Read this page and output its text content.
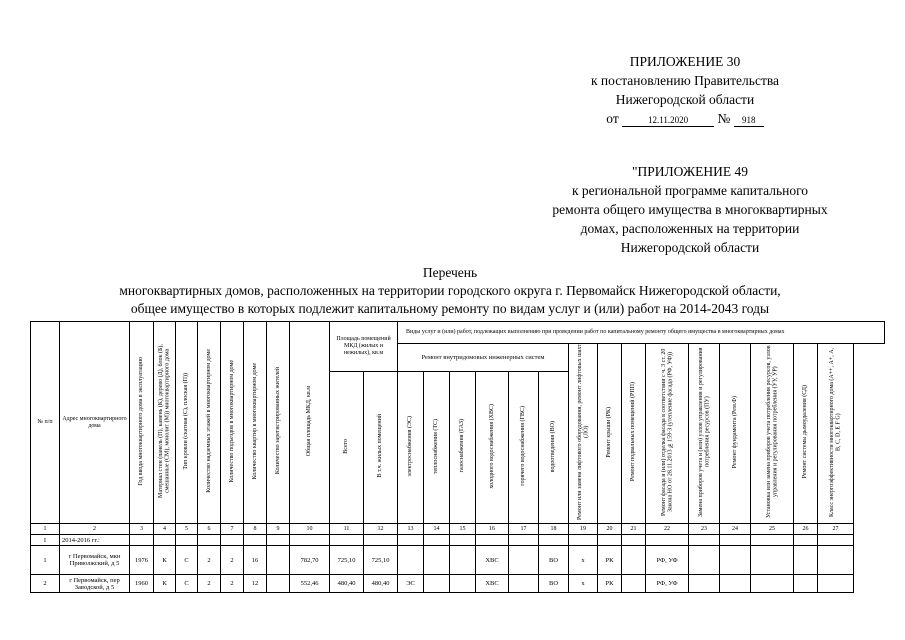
ПРИЛОЖЕНИЕ 30
к постановлению Правительства
Нижегородской области
от	12.11.2020 № 918
"ПРИЛОЖЕНИЕ 49
к региональной программе капитального
ремонта общего имущества в многоквартирных
домах, расположенных на территории
Нижегородской области
Перечень
многоквартирных домов, расположенных на территории городского округа г. Первомайск Нижегородской области,
общее имущество в которых подлежит капитальному ремонту по видам услуг и (или) работ на 2014-2043 годы
№ п/п	Адрес многоквартирного дома	Год ввода многоквартирного дома в эксплуатацию	Материал стен (панель (П), камень (К), дерево (Д), блок (Б), смешанные (СМ), монолит (М)) многоквартирного дома	Тип кровли (скатная (С), плоская (П))	Количество надземных этажей в многоквартирном доме	Количество подъездов в многоквартирном доме	Количество квартир в многоквартирном доме	Количество зарегистрированных жителей	Общая площадь МКД, кв.м	Площадь помещений МКД (жилых и нежилых), кв.м		Виды услуг и (или) работ, подлежащих выполнению при проведении работ по капитальному ремонту общего имущества в многоквартирных домах														
												Ремонт внутридомовых инженерных систем						Ремонт или замена лифтового оборудования, ремонт лифтовых шахт (ЛО)	Ремонт крыши (РК)	Ремонт подвальных помещений (РПП)	Ремонт фасада и (или) отделка фасада в соответствии с ч. 3 ст. 20 Закона НО от 28.11.2013 №159-З (утепление фасада (РФ, УФ))	Замена приборов учета и (или) узлов управления и регулирования потребления ресурсов (ПУ)	Ремонт фундамента (Рем.Ф)	Установка или замена приборов учета потребления ресурсов, узлов управления и регулирования потребления (УУ, УР)	Ремонт системы дымоудаления (СД)	Класс энергоэффективности многоквартирного дома (А++, А+, А, В, С, D, E F G)
										Всего	В т.ч. жилых помещений	электроснабжения (ЭС)	теплоснабжения (ТС)	газоснабжения (ГАЗ)	холодного водоснабжения (ХВС)	горячего водоснабжения (ГВС)	водоотведения (ВО)									
1	2	3	4	5	6	7	8	9	10	11	12	13	14	15	16	17	18	19	20	21	22	23	24	25	26	27
I	2014-2016 гг.:																									
1	г Первомайск, мкн Приволжский, д 5	1976	К	С	2	2	16		782,70	725,10	725,10				ХВС		ВО	х	РК		РФ, УФ					
2	г Первомайск, пер Заводской, д 5	1960	К	С	2	2	12		552,46	480,40	480,40	ЭС			ХВС		ВО	х	РК		РФ, УФ					
